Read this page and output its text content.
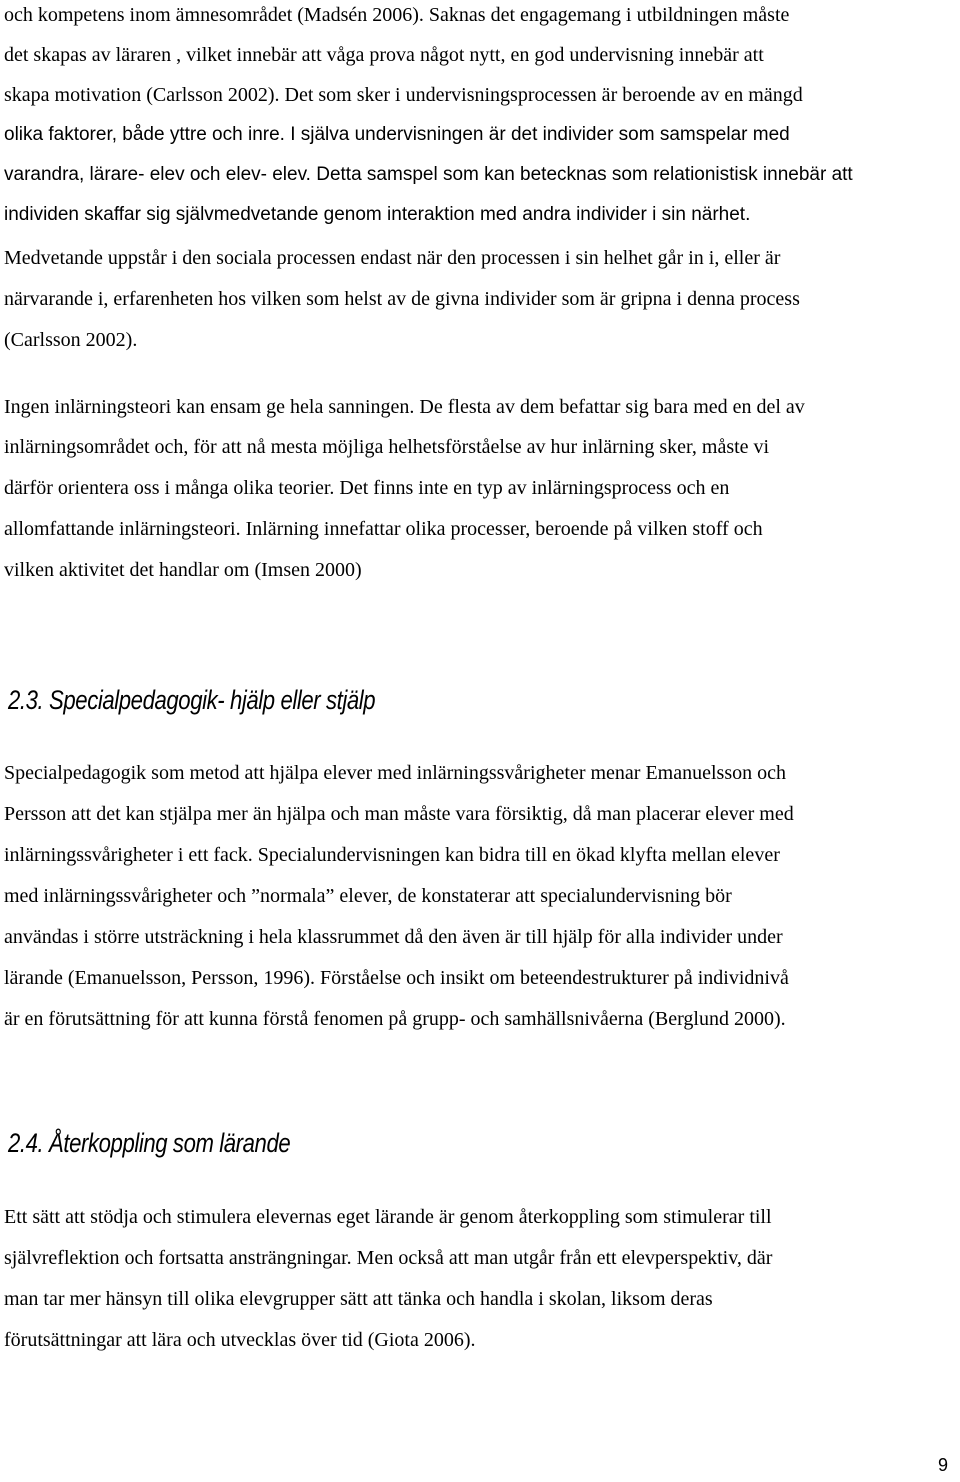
och kompetens inom ämnesområdet (Madsén 2006). Saknas det engagemang i utbildningen måste
det skapas av läraren , vilket innebär att våga prova något nytt, en god undervisning innebär att
skapa motivation (Carlsson 2002). Det som sker i undervisningsprocessen är beroende av en mängd
olika faktorer, både yttre och inre. I själva undervisningen är det individer som samspelar med
varandra, lärare- elev och elev- elev. Detta samspel som kan betecknas som relationistisk innebär att
individen skaffar sig självmedvetande genom interaktion med andra individer i sin närhet.
Medvetande uppstår i den sociala processen endast när den processen i sin helhet går in i, eller är
närvarande i, erfarenheten hos vilken som helst av de givna individer som är gripna i denna process
(Carlsson 2002).
Ingen inlärningsteori kan ensam ge hela sanningen. De flesta av dem befattar sig bara med en del av
inlärningsområdet och, för att nå mesta möjliga helhetsförståelse av hur inlärning sker, måste vi
därför orientera oss i många olika teorier. Det finns inte en typ av inlärningsprocess och en
allomfattande inlärningsteori. Inlärning innefattar olika processer, beroende på vilken stoff och
vilken aktivitet det handlar om (Imsen 2000)
2.3. Specialpedagogik- hjälp eller stjälp
Specialpedagogik som metod att hjälpa elever med inlärningssvårigheter menar Emanuelsson och
Persson att det kan stjälpa mer än hjälpa och man måste vara försiktig, då man placerar elever med
inlärningssvårigheter i ett fack. Specialundervisningen kan bidra till en ökad klyfta mellan elever
med inlärningssvårigheter och ”normala” elever, de konstaterar att specialundervisning bör
användas i större utsträckning i hela klassrummet då den även är till hjälp för alla individer under
lärande (Emanuelsson, Persson, 1996). Förståelse och insikt om beteendestrukturer på individnivå
är en förutsättning för att kunna förstå fenomen på grupp- och samhällsnivåerna (Berglund 2000).
2.4. Återkoppling som lärande
Ett sätt att stödja och stimulera elevernas eget lärande är genom återkoppling som stimulerar till
självreflektion och fortsatta ansträngningar. Men också att man utgår från ett elevperspektiv, där
man tar mer hänsyn till olika elevgrupper sätt att tänka och handla i skolan, liksom deras
förutsättningar att lära och utvecklas över tid (Giota 2006).
9
